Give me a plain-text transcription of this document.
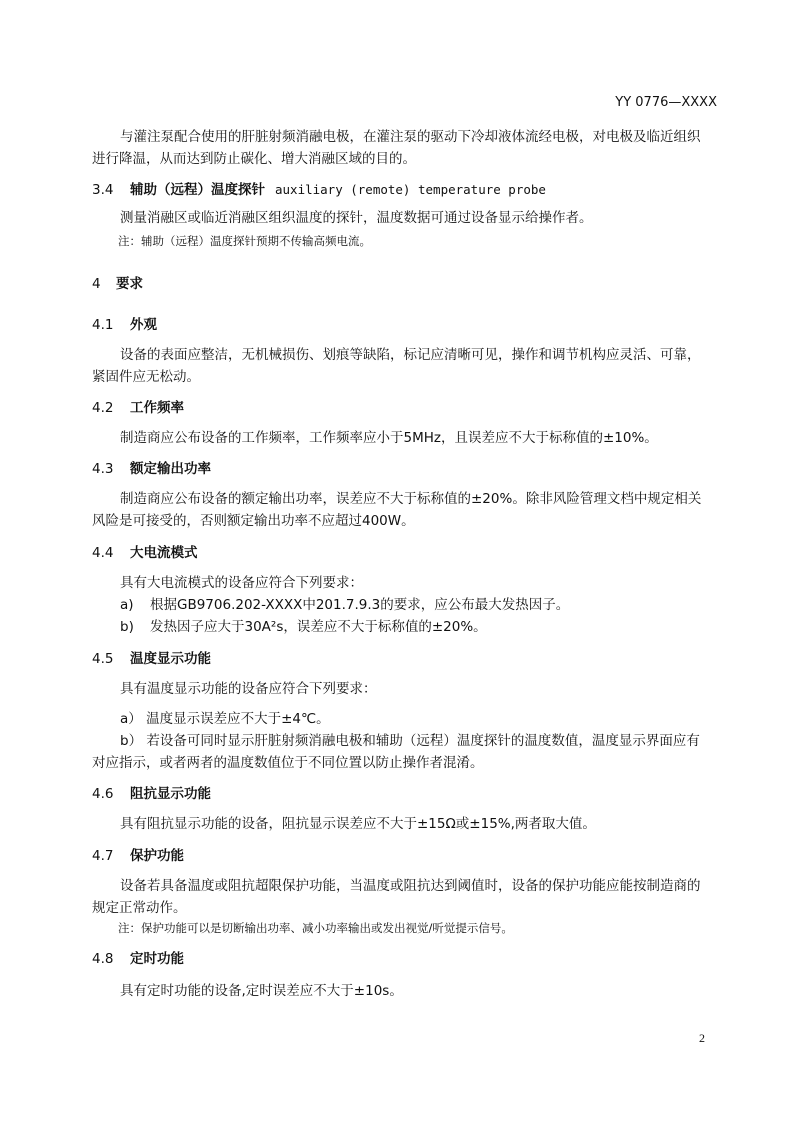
YY 0776—XXXX
与灌注泵配合使用的肝脏射频消融电极，在灌注泵的驱动下冷却液体流经电极，对电极及临近组织
进行降温，从而达到防止碳化、增大消融区域的目的。
3.4 辅助（远程）温度探针 auxiliary (remote) temperature probe
测量消融区或临近消融区组织温度的探针，温度数据可通过设备显示给操作者。
注：辅助（远程）温度探针预期不传输高频电流。
4 要求
4.1 外观
设备的表面应整洁，无机械损伤、划痕等缺陷，标记应清晰可见，操作和调节机构应灵活、可靠，
紧固件应无松动。
4.2 工作频率
制造商应公布设备的工作频率，工作频率应小于5MHz，且误差应不大于标称值的±10%。
4.3 额定输出功率
制造商应公布设备的额定输出功率，误差应不大于标称值的±20%。除非风险管理文档中规定相关
风险是可接受的，否则额定输出功率不应超过400W。
4.4 大电流模式
具有大电流模式的设备应符合下列要求：
a) 根据GB9706.202-XXXX中201.7.9.3的要求，应公布最大发热因子。
b) 发热因子应大于30A²s，误差应不大于标称值的±20%。
4.5 温度显示功能
具有温度显示功能的设备应符合下列要求：
a） 温度显示误差应不大于±4℃。
b） 若设备可同时显示肝脏射频消融电极和辅助（远程）温度探针的温度数值，温度显示界面应有
对应指示，或者两者的温度数值位于不同位置以防止操作者混淆。
4.6 阻抗显示功能
具有阻抗显示功能的设备，阻抗显示误差应不大于±15Ω或±15%,两者取大值。
4.7 保护功能
设备若具备温度或阻抗超限保护功能，当温度或阻抗达到阈值时，设备的保护功能应能按制造商的
规定正常动作。
注：保护功能可以是切断输出功率、减小功率输出或发出视觉/听觉提示信号。
4.8 定时功能
具有定时功能的设备,定时误差应不大于±10s。
2
